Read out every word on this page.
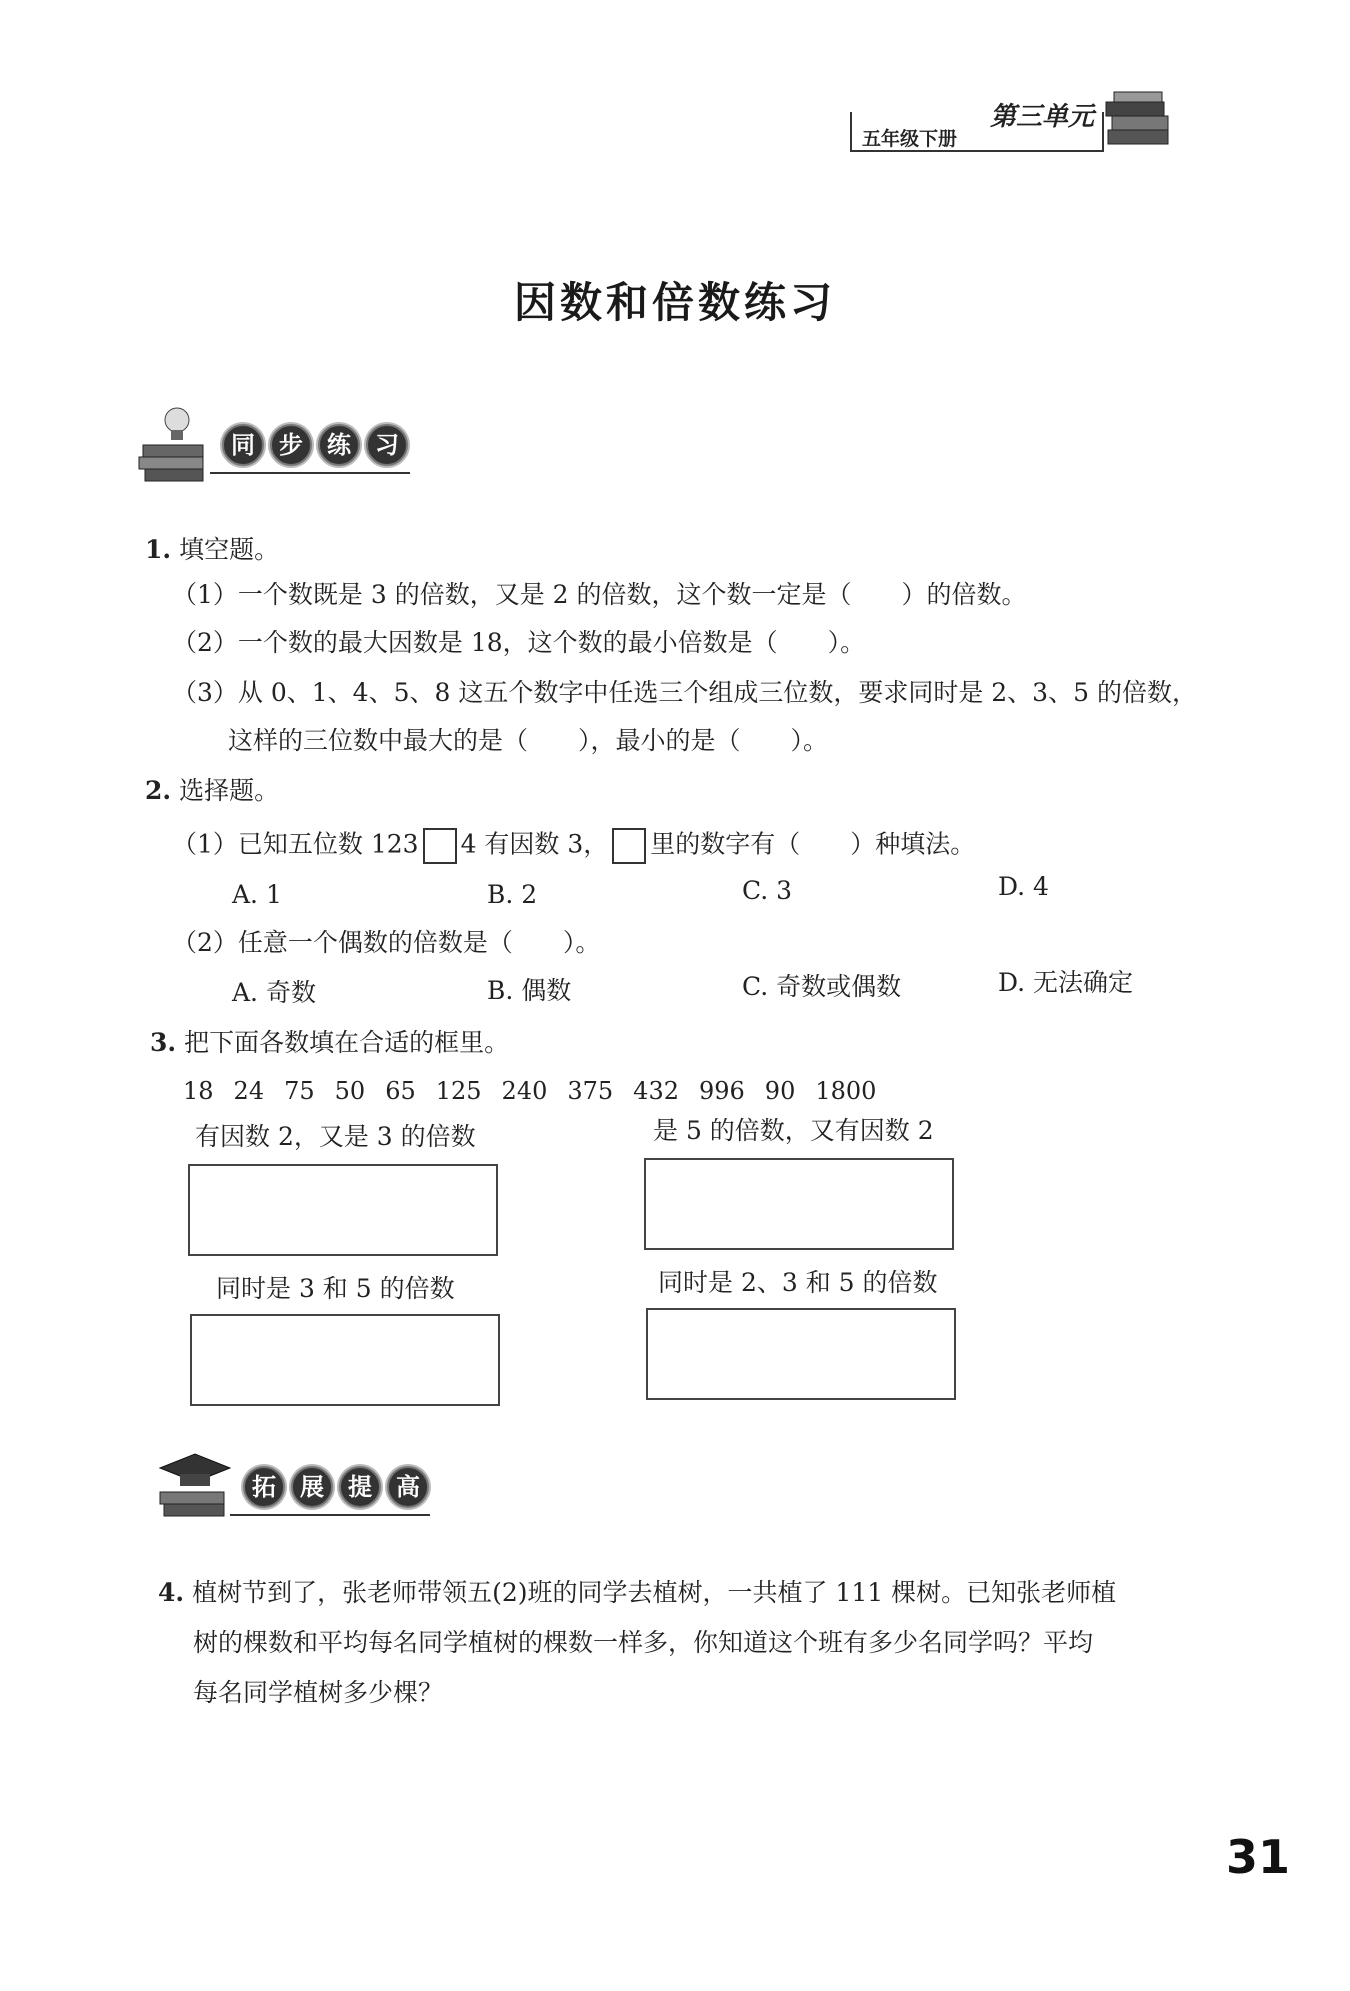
五年级下册
第三单元
因数和倍数练习
同	步	练	习
1. 填空题。
（1）一个数既是 3 的倍数，又是 2 的倍数，这个数一定是（　　）的倍数。
（2）一个数的最大因数是 18，这个数的最小倍数是（　　）。
（3）从 0、1、4、5、8 这五个数字中任选三个组成三位数，要求同时是 2、3、5 的倍数，
这样的三位数中最大的是（　　），最小的是（　　）。
2. 选择题。
（1）已知五位数 123 4 有因数 3， 里的数字有（　　）种填法。
A. 1	B. 2	C. 3	D. 4
（2）任意一个偶数的倍数是（　　）。
A. 奇数	B. 偶数	C. 奇数或偶数	D. 无法确定
3. 把下面各数填在合适的框里。
18 24 75 50 65 125 240 375 432 996 90 1800
有因数 2，又是 3 的倍数	是 5 的倍数，又有因数 2
同时是 3 和 5 的倍数	同时是 2、3 和 5 的倍数
拓	展	提	高
4. 植树节到了，张老师带领五(2)班的同学去植树，一共植了 111 棵树。已知张老师植
树的棵数和平均每名同学植树的棵数一样多，你知道这个班有多少名同学吗？平均
每名同学植树多少棵？
31
